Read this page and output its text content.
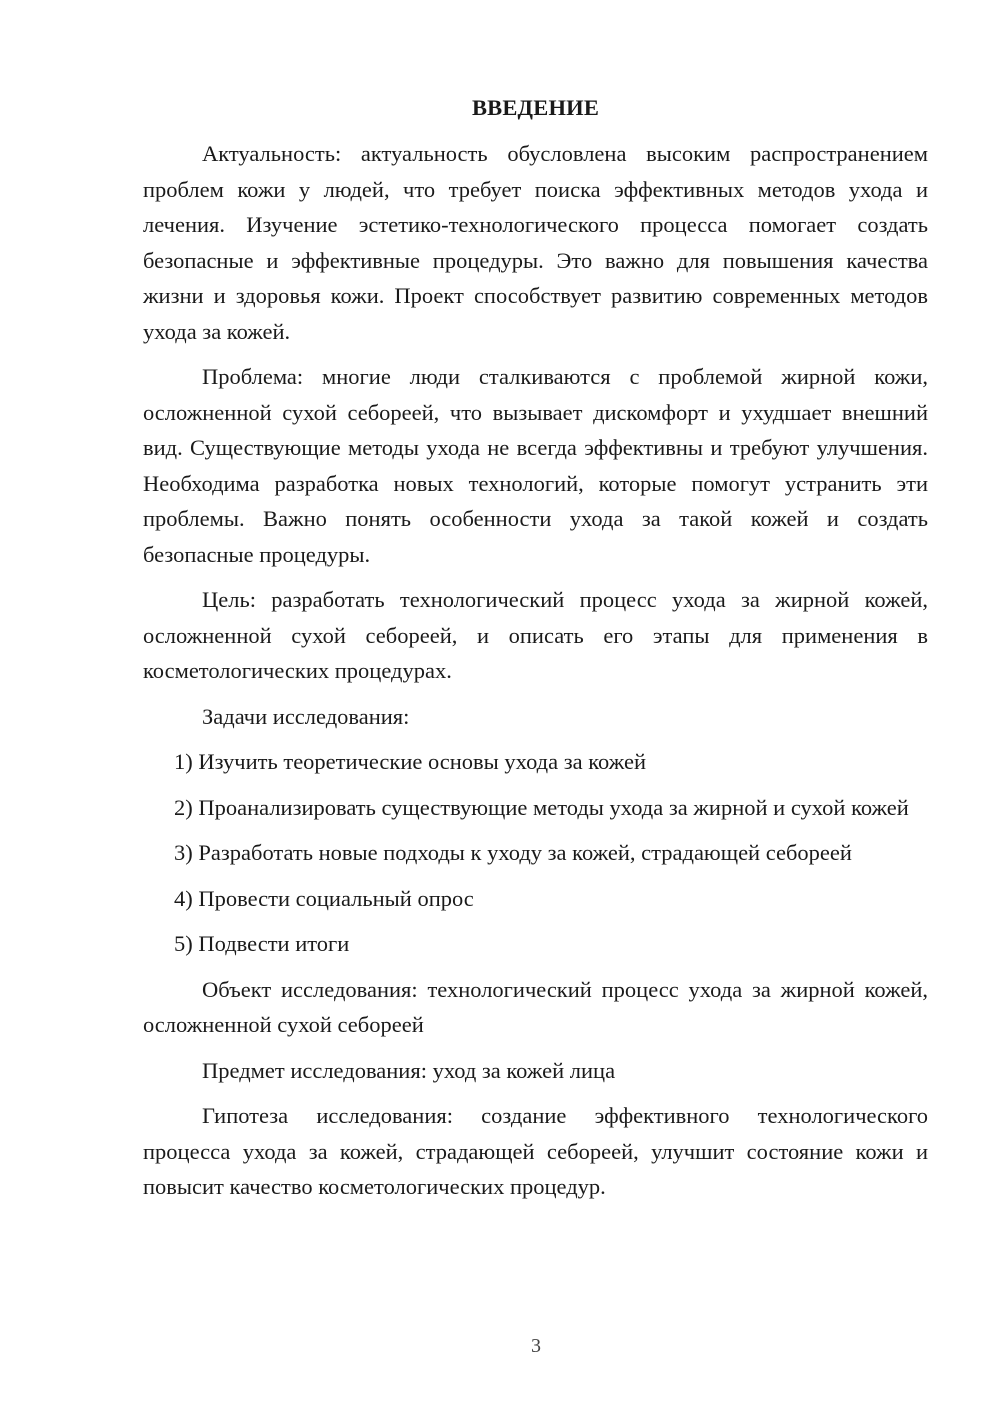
ВВЕДЕНИЕ

Актуальность: актуальность обусловлена высоким распространением проблем кожи у людей, что требует поиска эффективных методов ухода и лечения. Изучение эстетико-технологического процесса помогает создать безопасные и эффективные процедуры. Это важно для повышения качества жизни и здоровья кожи. Проект способствует развитию современных методов ухода за кожей.

Проблема: многие люди сталкиваются с проблемой жирной кожи, осложненной сухой себореей, что вызывает дискомфорт и ухудшает внешний вид. Существующие методы ухода не всегда эффективны и требуют улучшения. Необходима разработка новых технологий, которые помогут устранить эти проблемы. Важно понять особенности ухода за такой кожей и создать безопасные процедуры.

Цель: разработать технологический процесс ухода за жирной кожей, осложненной сухой себореей, и описать его этапы для применения в косметологических процедурах.

Задачи исследования:

1) Изучить теоретические основы ухода за кожей

2) Проанализировать существующие методы ухода за жирной и сухой кожей

3) Разработать новые подходы к уходу за кожей, страдающей себореей

4) Провести социальный опрос

5) Подвести итоги

Объект исследования: технологический процесс ухода за жирной кожей, осложненной сухой себореей

Предмет исследования: уход за кожей лица

Гипотеза исследования: создание эффективного технологического процесса ухода за кожей, страдающей себореей, улучшит состояние кожи и повысит качество косметологических процедур.

3
